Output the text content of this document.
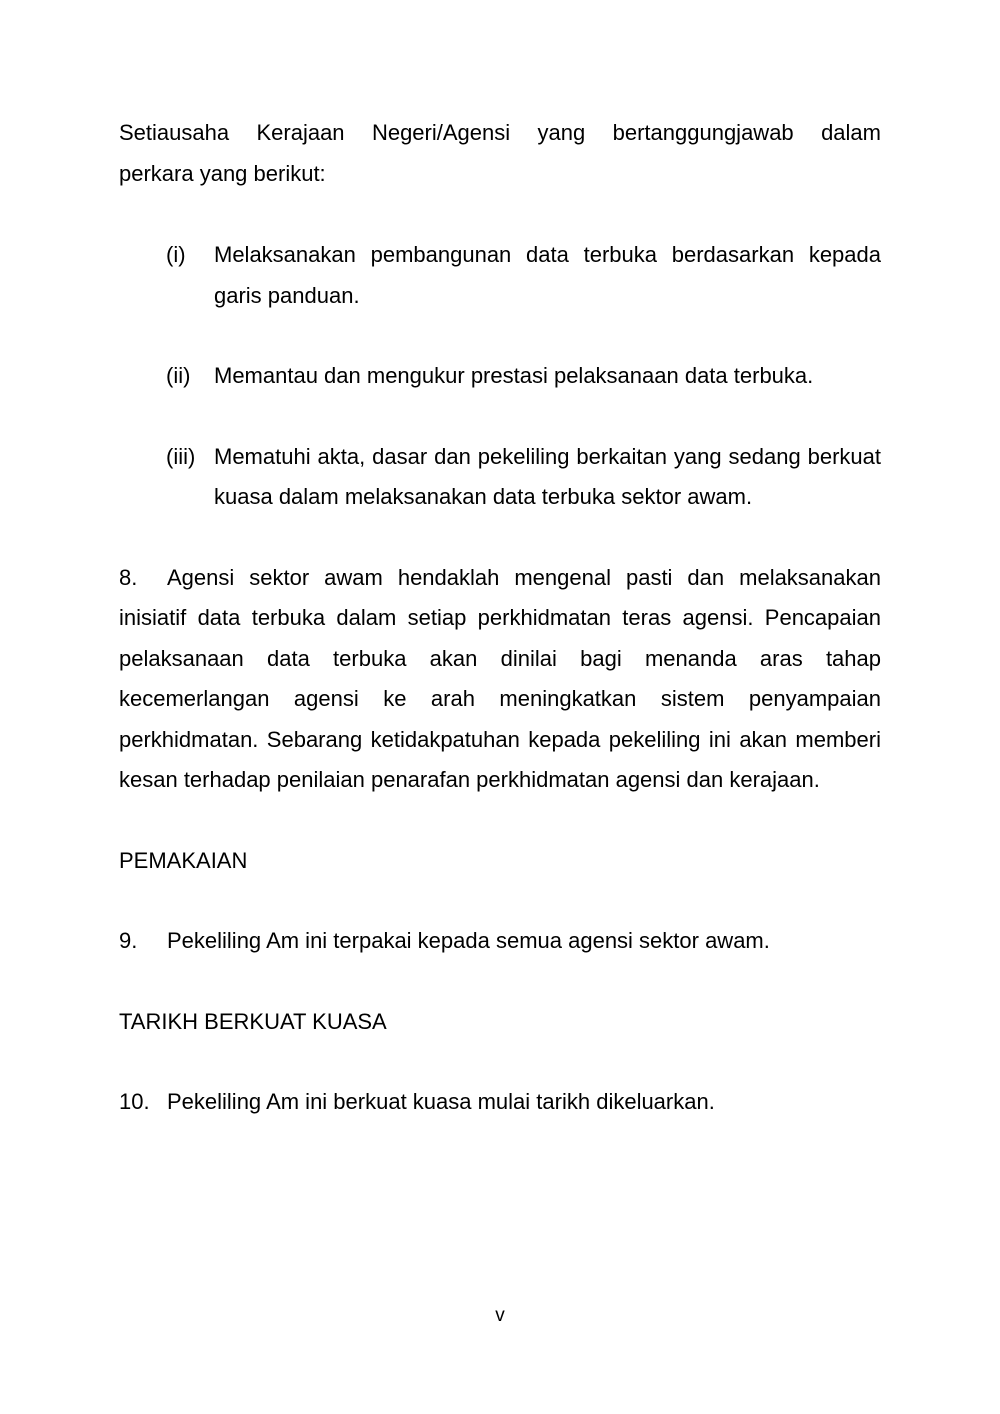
Setiausaha Kerajaan Negeri/Agensi yang bertanggungjawab dalam

perkara yang berikut:

(i) Melaksanakan pembangunan data terbuka berdasarkan kepada garis panduan.
(ii) Memantau dan mengukur prestasi pelaksanaan data terbuka.
(iii) Mematuhi akta, dasar dan pekeliling berkaitan yang sedang berkuat kuasa dalam melaksanakan data terbuka sektor awam.
8. Agensi sektor awam hendaklah mengenal pasti dan melaksanakan inisiatif data terbuka dalam setiap perkhidmatan teras agensi. Pencapaian pelaksanaan data terbuka akan dinilai bagi menanda aras tahap kecemerlangan agensi ke arah meningkatkan sistem penyampaian perkhidmatan. Sebarang ketidakpatuhan kepada pekeliling ini akan memberi kesan terhadap penilaian penarafan perkhidmatan agensi dan kerajaan.

PEMAKAIAN

9. Pekeliling Am ini terpakai kepada semua agensi sektor awam.

TARIKH BERKUAT KUASA

10. Pekeliling Am ini berkuat kuasa mulai tarikh dikeluarkan.
v
